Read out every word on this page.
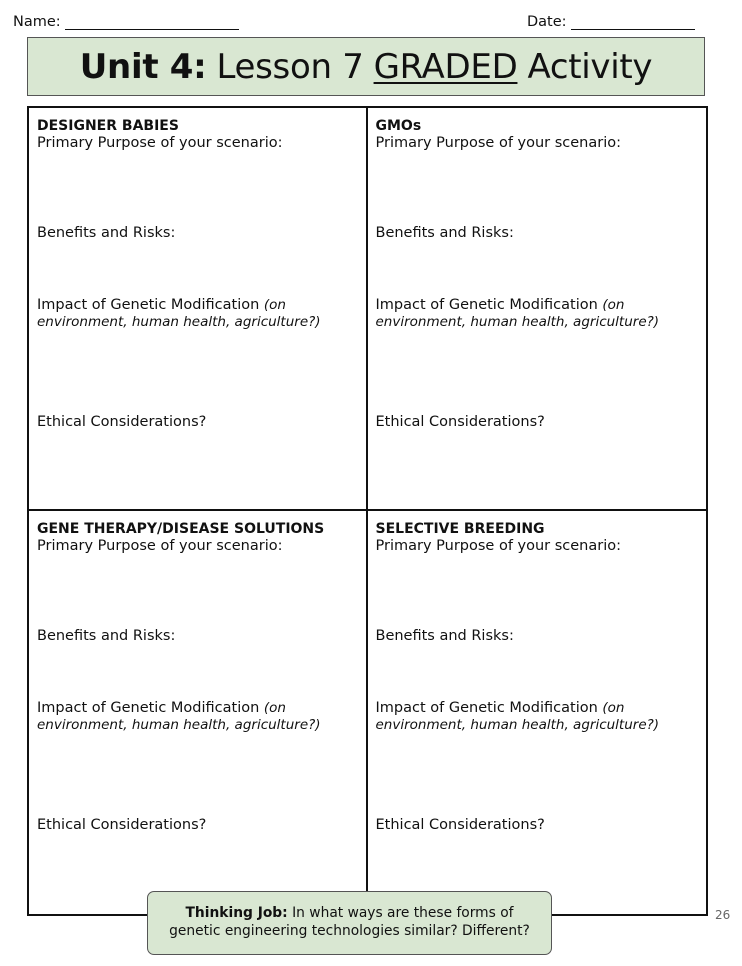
Name:	Date:
Unit 4: Lesson 7 GRADED Activity
DESIGNER BABIES
Primary Purpose of your scenario:
Benefits and Risks:
Impact of Genetic Modification (on environment, human health, agriculture?)
Ethical Considerations?
GMOs
Primary Purpose of your scenario:
Benefits and Risks:
Impact of Genetic Modification (on environment, human health, agriculture?)
Ethical Considerations?
GENE THERAPY/DISEASE SOLUTIONS
Primary Purpose of your scenario:
Benefits and Risks:
Impact of Genetic Modification (on environment, human health, agriculture?)
Ethical Considerations?
SELECTIVE BREEDING
Primary Purpose of your scenario:
Benefits and Risks:
Impact of Genetic Modification (on environment, human health, agriculture?)
Ethical Considerations?
Thinking Job: In what ways are these forms of genetic engineering technologies similar? Different?
26
